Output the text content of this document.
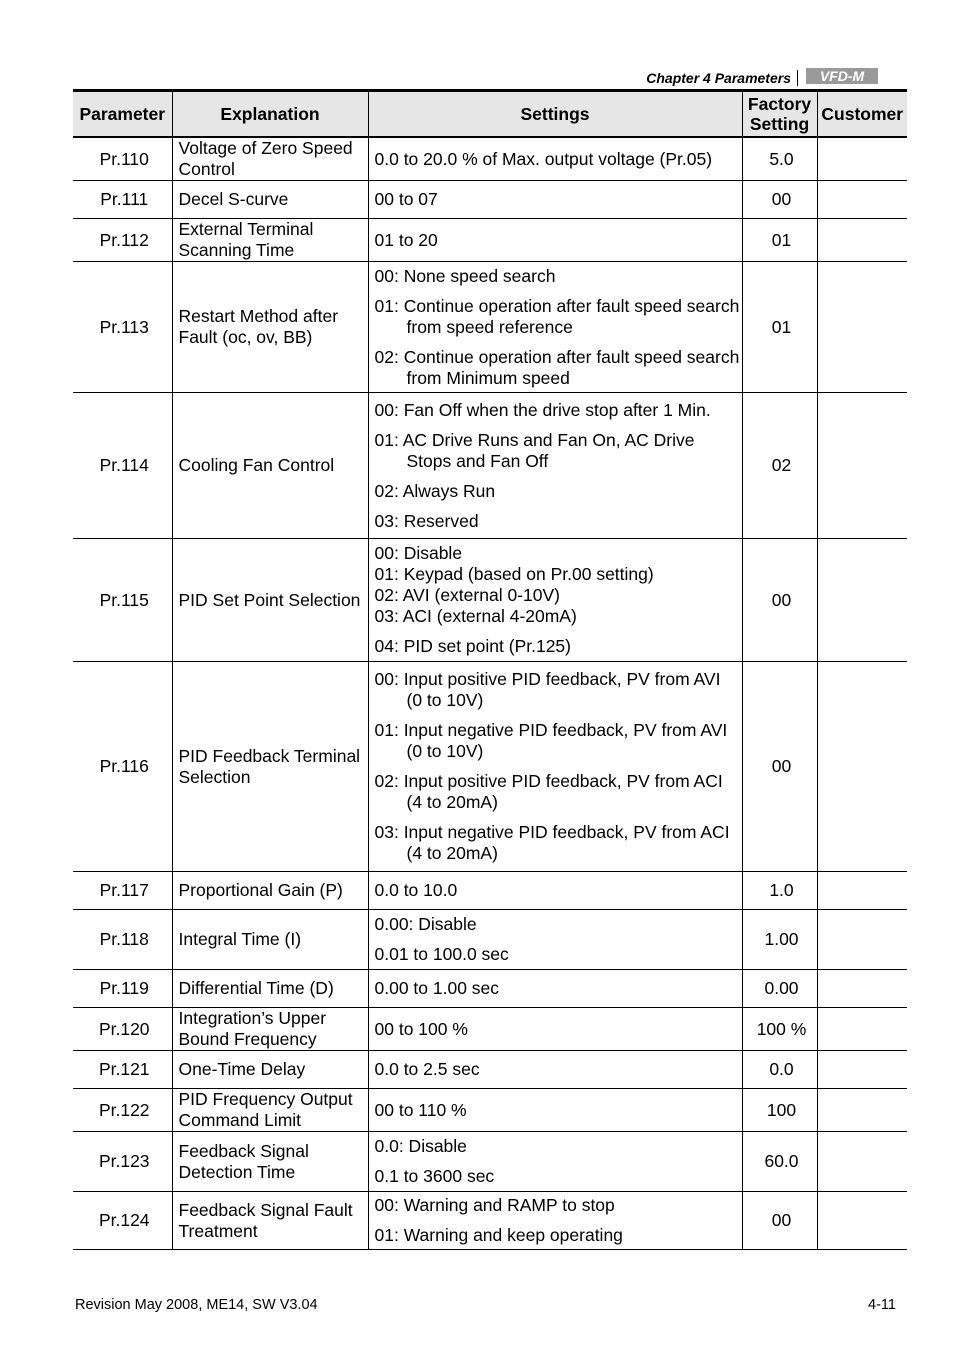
Chapter 4 Parameters VFD-M
Parameter	Explanation	Settings	Factory Setting	Customer
Pr.110	Voltage of Zero Speed Control	0.0 to 20.0 % of Max. output voltage (Pr.05)	5.0	
Pr.111	Decel S-curve	00 to 07	00	
Pr.112	External Terminal Scanning Time	01 to 20	01	
Pr.113	Restart Method after Fault (oc, ov, BB)	00: None speed search
01: Continue operation after fault speed search from speed reference
02: Continue operation after fault speed search from Minimum speed	01	
Pr.114	Cooling Fan Control	00: Fan Off when the drive stop after 1 Min.
01: AC Drive Runs and Fan On, AC Drive Stops and Fan Off
02: Always Run
03: Reserved	02	
Pr.115	PID Set Point Selection	00: Disable
01: Keypad (based on Pr.00 setting)
02: AVI (external 0-10V)
03: ACI (external 4-20mA)
04: PID set point (Pr.125)	00	
Pr.116	PID Feedback Terminal Selection	00: Input positive PID feedback, PV from AVI (0 to 10V)
01: Input negative PID feedback, PV from AVI (0 to 10V)
02: Input positive PID feedback, PV from ACI (4 to 20mA)
03: Input negative PID feedback, PV from ACI (4 to 20mA)	00	
Pr.117	Proportional Gain (P)	0.0 to 10.0	1.0	
Pr.118	Integral Time (I)	0.00: Disable
0.01 to 100.0 sec	1.00	
Pr.119	Differential Time (D)	0.00 to 1.00 sec	0.00	
Pr.120	Integration’s Upper Bound Frequency	00 to 100 %	100 %	
Pr.121	One-Time Delay	0.0 to 2.5 sec	0.0	
Pr.122	PID Frequency Output Command Limit	00 to 110 %	100	
Pr.123	Feedback Signal Detection Time	0.0: Disable
0.1 to 3600 sec	60.0	
Pr.124	Feedback Signal Fault Treatment	00: Warning and RAMP to stop
01: Warning and keep operating	00	
Revision May 2008, ME14, SW V3.04	4-11
